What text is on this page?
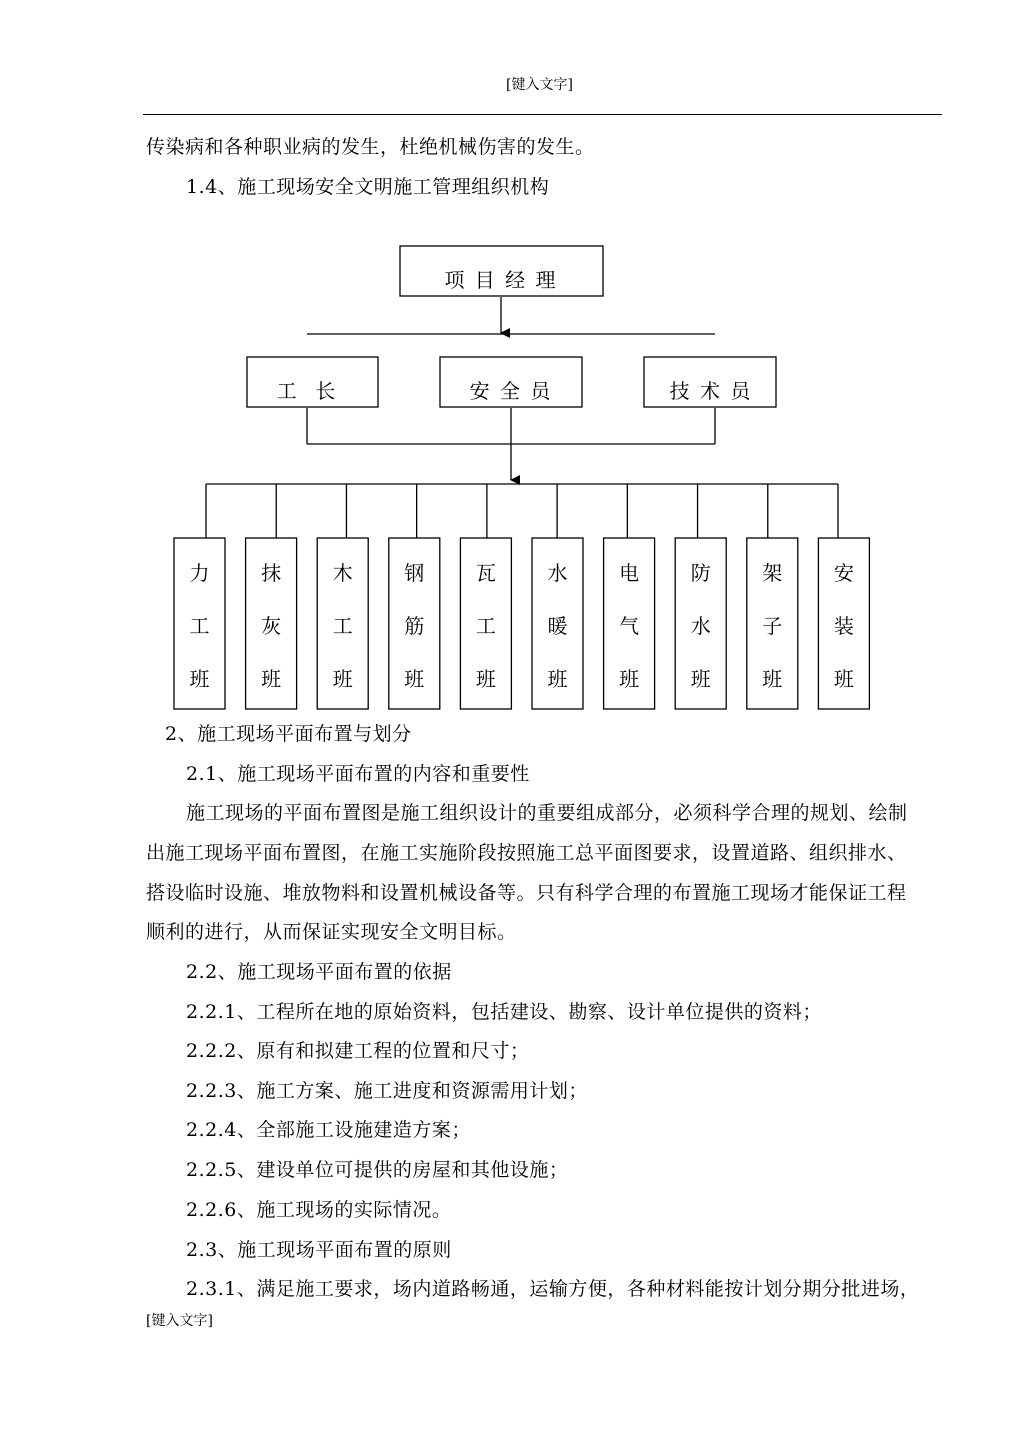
[键入文字]
传染病和各种职业病的发生，杜绝机械伤害的发生。
1.4、施工现场安全文明施工管理组织机构
项 目 经 理
工  长	安 全 员	技 术 员
力
工
班
抹
灰
班
木
工
班
钢
筋
班
瓦
工
班
水
暖
班
电
气
班
防
水
班
架
子
班
安
装
班
2、施工现场平面布置与划分
2.1、施工现场平面布置的内容和重要性
施工现场的平面布置图是施工组织设计的重要组成部分，必须科学合理的规划、绘制
出施工现场平面布置图，在施工实施阶段按照施工总平面图要求，设置道路、组织排水、
搭设临时设施、堆放物料和设置机械设备等。只有科学合理的布置施工现场才能保证工程
顺利的进行，从而保证实现安全文明目标。
2.2、施工现场平面布置的依据
2.2.1、工程所在地的原始资料，包括建设、勘察、设计单位提供的资料；
2.2.2、原有和拟建工程的位置和尺寸；
2.2.3、施工方案、施工进度和资源需用计划；
2.2.4、全部施工设施建造方案；
2.2.5、建设单位可提供的房屋和其他设施；
2.2.6、施工现场的实际情况。
2.3、施工现场平面布置的原则
2.3.1、满足施工要求，场内道路畅通，运输方便，各种材料能按计划分期分批进场，
[键入文字]
